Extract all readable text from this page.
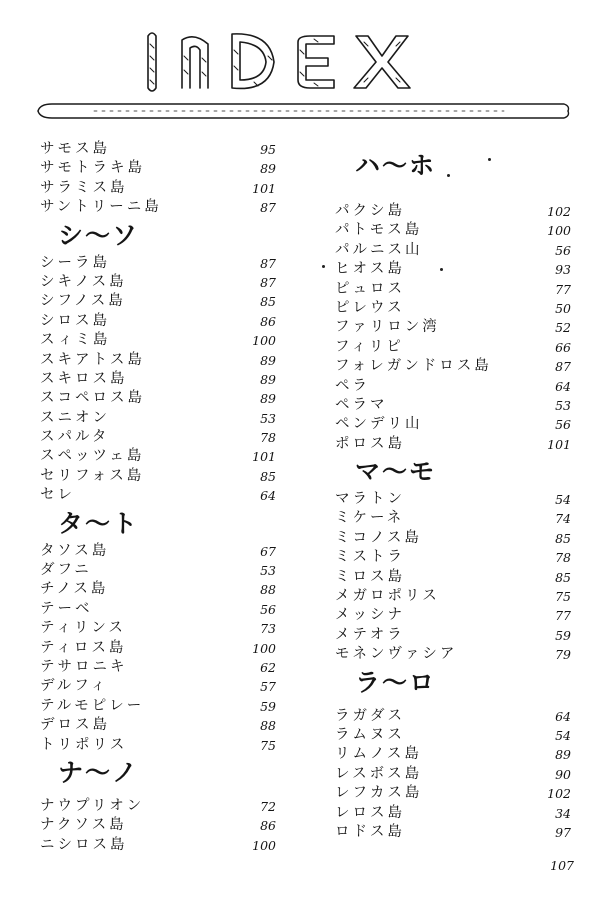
サモス島	95
サモトラキ島	89
サラミス島	101
サントリーニ島	87
シ～ソ
シーラ島	87
シキノス島	87
シフノス島	85
シロス島	86
スィミ島	100
スキアトス島	89
スキロス島	89
スコペロス島	89
スニオン	53
スパルタ	78
スペッツェ島	101
セリフォス島	85
セレ	64
タ～ト
タソス島	67
ダフニ	53
チノス島	88
テーベ	56
ティリンス	73
ティロス島	100
テサロニキ	62
デルフィ	57
テルモピレー	59
デロス島	88
トリポリス	75
ナ～ノ
ナウプリオン	72
ナクソス島	86
ニシロス島	100
ハ～ホ
パクシ島	102
パトモス島	100
パルニス山	56
ヒオス島	93
ピュロス	77
ピレウス	50
ファリロン湾	52
フィリピ	66
フォレガンドロス島	87
ペラ	64
ペラマ	53
ペンデリ山	56
ポロス島	101
マ～モ
マラトン	54
ミケーネ	74
ミコノス島	85
ミストラ	78
ミロス島	85
メガロポリス	75
メッシナ	77
メテオラ	59
モネンヴァシア	79
ラ～ロ
ラガダス	64
ラムヌス	54
リムノス島	89
レスボス島	90
レフカス島	102
レロス島	34
ロドス島	97
107
